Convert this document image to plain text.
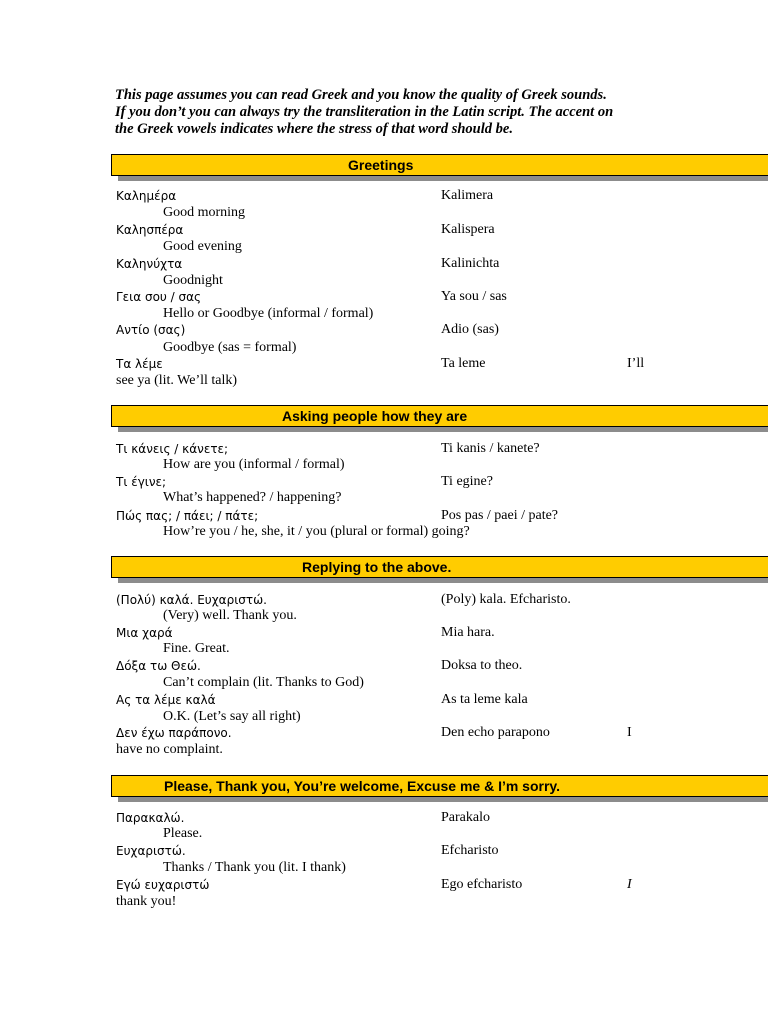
This page assumes you can read Greek and you know the quality of Greek sounds.
If you don’t you can always try the transliteration in the Latin script. The accent on
the Greek vowels indicates where the stress of that word should be.
Greetings
Καλημέρα	Kalimera
Good morning
Καλησπέρα	Kalispera
Good evening
Καληνύχτα	Kalinichta
Goodnight
Γεια σου / σας	Ya sou / sas
Hello or Goodbye (informal / formal)
Αντίο (σας)	Adio (sas)
Goodbye (sas = formal)
Τα λέμε	Ta leme	I’ll
see ya (lit. We’ll talk)
Asking people how they are
Τι κάνεις / κάνετε;	Ti kanis / kanete?
How are you (informal / formal)
Τι έγινε;	Ti egine?
What’s happened? / happening?
Πώς πας; / πάει; / πάτε;	Pos pas / paei / pate?
How’re you / he, she, it / you (plural or formal) going?
Replying to the above.
(Πολύ) καλά. Ευχαριστώ.	(Poly) kala. Efcharisto.
(Very) well. Thank you.
Μια χαρά	Mia hara.
Fine. Great.
Δόξα τω Θεώ.	Doksa to theo.
Can’t complain (lit. Thanks to God)
Ας τα λέμε καλά	As ta leme kala
O.K. (Let’s say all right)
Δεν έχω παράπονο.	Den echo parapono	I
have no complaint.
Please, Thank you, You’re welcome, Excuse me & I’m sorry.
Παρακαλώ.	Parakalo
Please.
Ευχαριστώ.	Efcharisto
Thanks / Thank you (lit. I thank)
Εγώ ευχαριστώ	Ego efcharisto	I
thank you!
